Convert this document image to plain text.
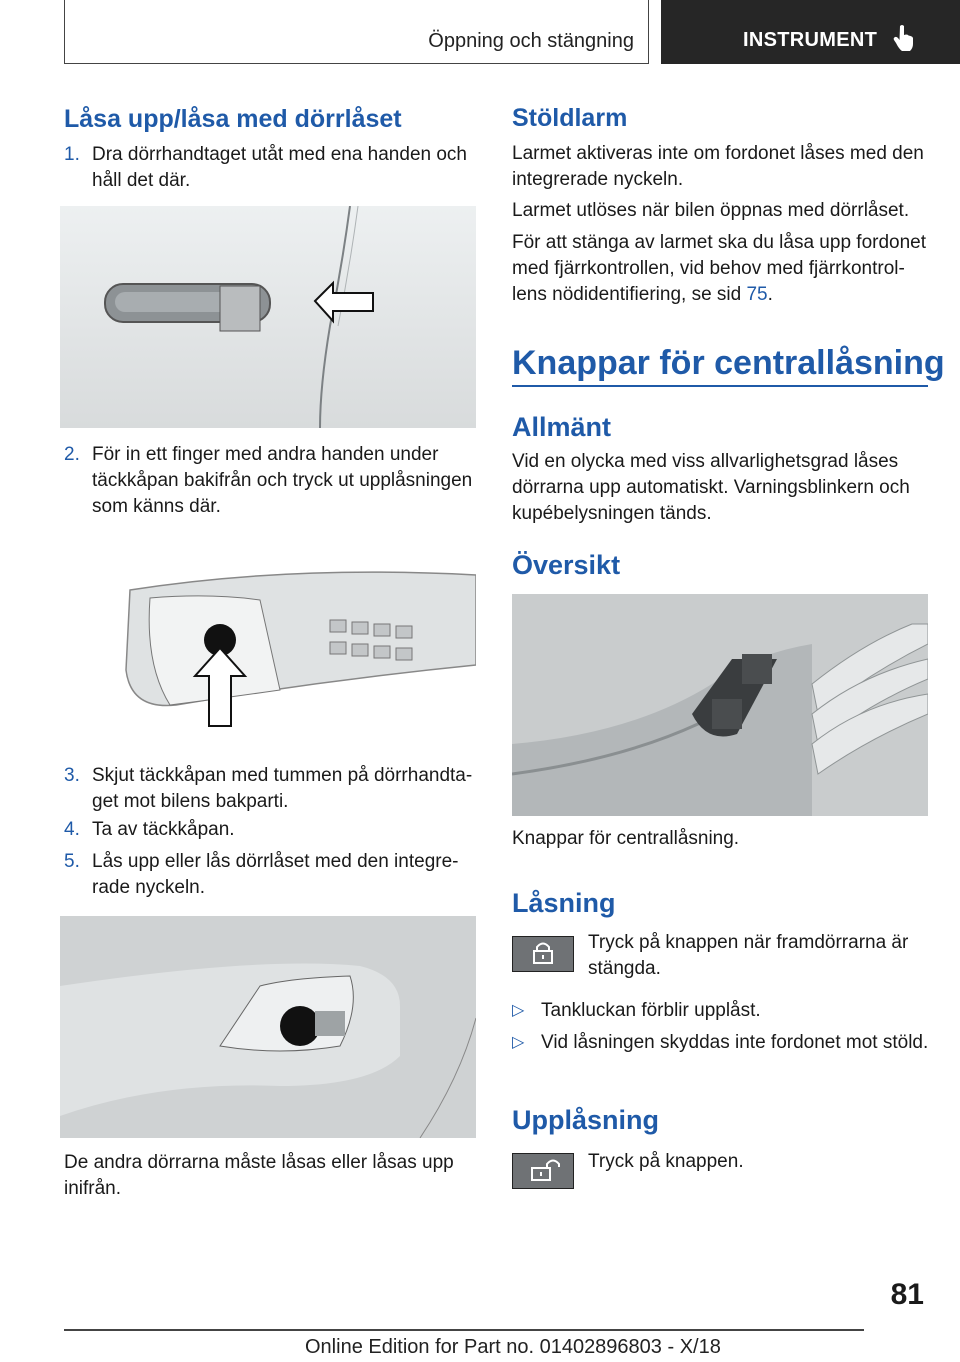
Öppning och stängning	INSTRUMENT
Låsa upp/låsa med dörrlåset
1. Dra dörrhandtaget utåt med ena handen och håll det där.
2. För in ett finger med andra handen under täckkåpan bakifrån och tryck ut upplåsningen som känns där.
3. Skjut täckkåpan med tummen på dörrhandtaget mot bilens bakparti.
4. Ta av täckkåpan.
5. Lås upp eller lås dörrlåset med den integrerade nyckeln.

De andra dörrarna måste låsas eller låsas upp inifrån.

Stöldlarm

Larmet aktiveras inte om fordonet låses med den integrerade nyckeln.

Larmet utlöses när bilen öppnas med dörrlåset.

För att stänga av larmet ska du låsa upp fordonet med fjärrkontrollen, vid behov med fjärrkontrollens nödidentifiering, se sid 75.

Knappar för centrallåsning
Allmänt

Vid en olycka med viss allvarlighetsgrad låses dörrarna upp automatiskt. Varningsblinkern och kupébelysningen tänds.

Översikt

Knappar för centrallåsning.

Låsning

Tryck på knappen när framdörrarna är stängda.

▷ Tankluckan förblir upplåst.
▷ Vid låsningen skyddas inte fordonet mot stöld.
Upplåsning

Tryck på knappen.

81
Online Edition for Part no. 01402896803 - X/18
